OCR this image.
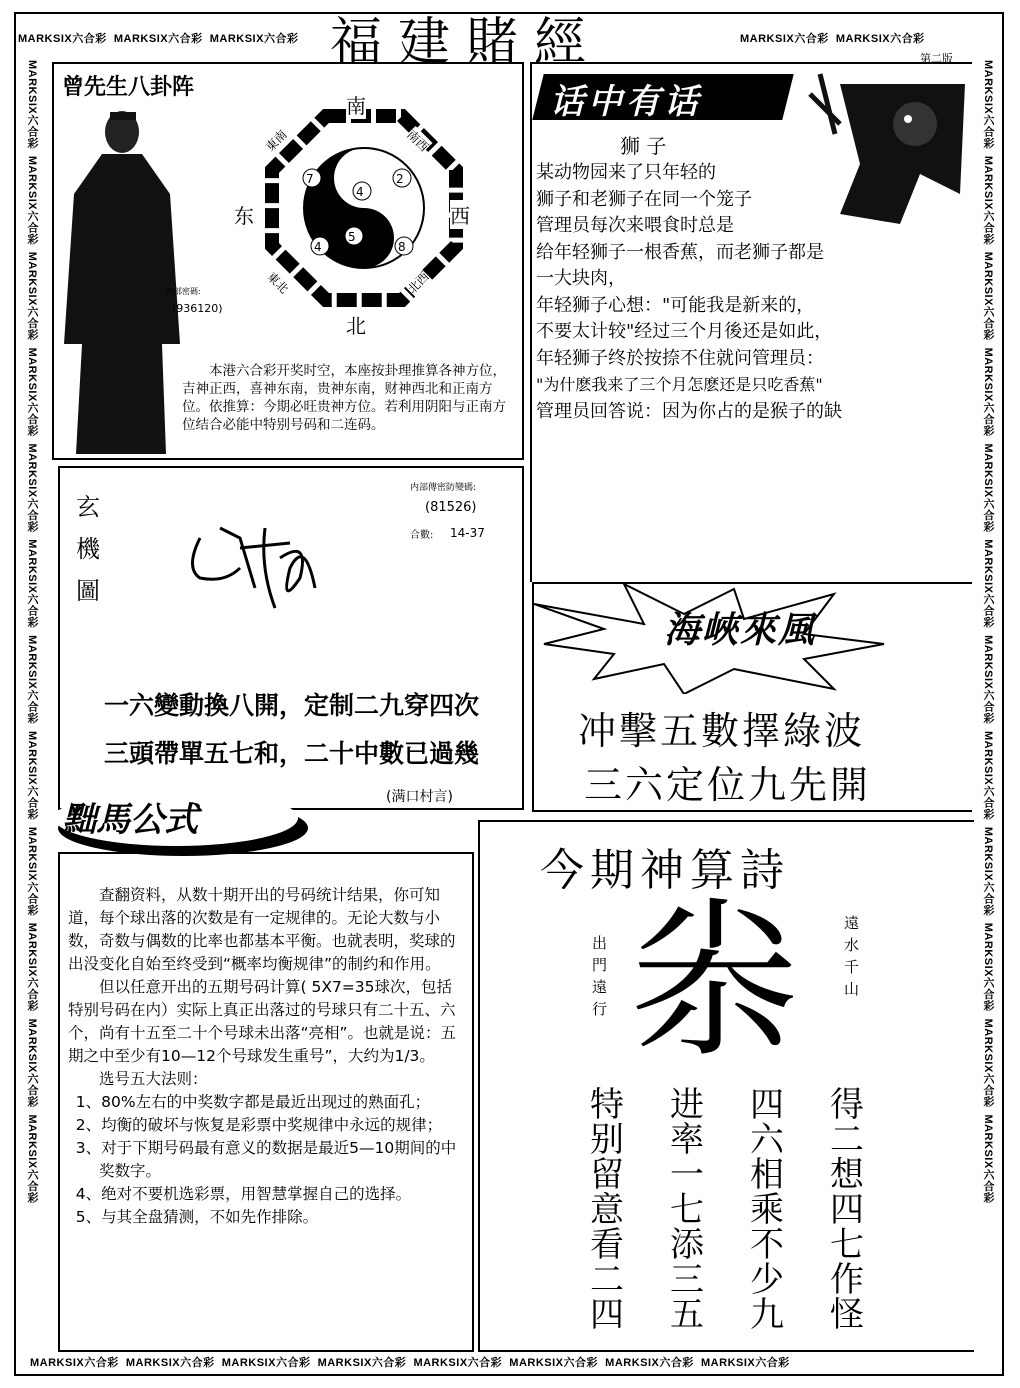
MARKSIX六合彩 MARKSIX六合彩 MARKSIX六合彩	MARKSIX六合彩 MARKSIX六合彩
第二版
福建賭經
MARKSIX六合彩  MARKSIX六合彩  MARKSIX六合彩  MARKSIX六合彩  MARKSIX六合彩  MARKSIX六合彩  MARKSIX六合彩  MARKSIX六合彩  MARKSIX六合彩  MARKSIX六合彩  MARKSIX六合彩  MARKSIX六合彩
MARKSIX六合彩  MARKSIX六合彩  MARKSIX六合彩  MARKSIX六合彩  MARKSIX六合彩  MARKSIX六合彩  MARKSIX六合彩  MARKSIX六合彩  MARKSIX六合彩  MARKSIX六合彩  MARKSIX六合彩  MARKSIX六合彩
MARKSIX六合彩 MARKSIX六合彩 MARKSIX六合彩 MARKSIX六合彩 MARKSIX六合彩 MARKSIX六合彩 MARKSIX六合彩 MARKSIX六合彩
曾先生八卦阵
内部密碼:
(936120)
7
4
2
4
5
8
南
北
东	西
東南	南西
東北	北西
本港六合彩开奖时空，本座按卦理推算各神方位，吉神正西，喜神东南，贵神东南，财神西北和正南方位。依推算：今期必旺贵神方位。若利用阴阳与正南方位结合必能中特别号码和二连码。
话中有话
狮 子
某动物园来了只年轻的
狮子和老狮子在同一个笼子
管理员每次来喂食时总是
给年轻狮子一根香蕉，而老狮子都是
一大块肉，
年轻狮子心想："可能我是新来的，
不要太计较"经过三个月後还是如此，
年轻狮子终於按捺不住就问管理员：
"为什麽我来了三个月怎麽还是只吃香蕉"
管理员回答说：因为你占的是猴子的缺
玄
機
圖
内部傳密防變碼:
(81526)
合數: 14-37
一六變動換八開，定制二九穿四次
三頭帶單五七和，二十中數已過幾
(满口村言)
海峽來風
冲擊五數擇綠波
三六定位九先開
黜馬公式

查翻资料，从数十期开出的号码统计结果，你可知道，每个球出落的次数是有一定规律的。无论大数与小数，奇数与偶数的比率也都基本平衡。也就表明，奖球的出没变化自始至终受到“概率均衡规律”的制约和作用。

但以任意开出的五期号码计算( 5X7=35球次，包括特别号码在内）实际上真正出落过的号球只有二十五、六个，尚有十五至二十个号球未出落“亮相”。也就是说：五期之中至少有10—12个号球发生重号”，大约为1/3。

选号五大法则：

1、80%左右的中奖数字都是最近出现过的熟面孔；

2、均衡的破坏与恢复是彩票中奖规律中永远的规律；

3、对于下期号码最有意义的数据是最近5—10期间的中奖数字。

4、绝对不要机选彩票，用智慧掌握自己的选择。

5、与其全盘猜测，不如先作排除。

今期神算詩
尜
出門遠行
遠水千山
得二想四七作怪
四六相乘不少九
进率一七添三五
特别留意看二四
